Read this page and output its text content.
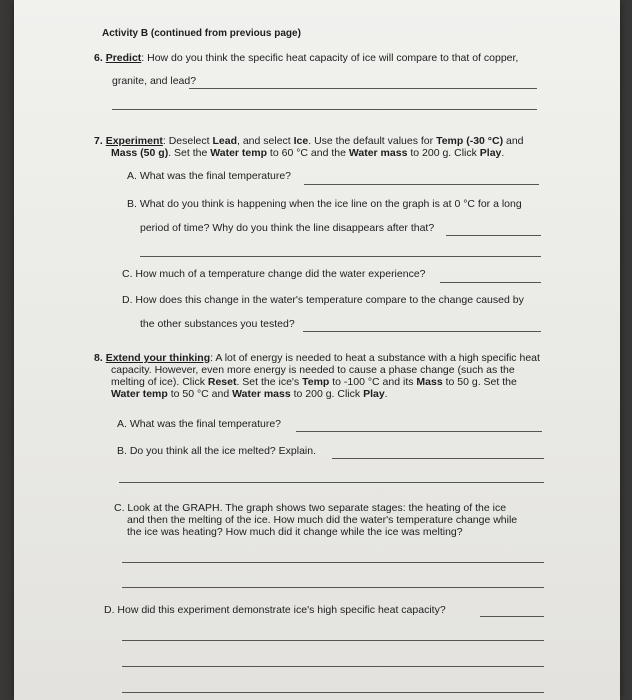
Activity B (continued from previous page)
6. Predict: How do you think the specific heat capacity of ice will compare to that of copper,
granite, and lead?
7. Experiment: Deselect Lead, and select Ice. Use the default values for Temp (-30 °C) and
Mass (50 g). Set the Water temp to 60 °C and the Water mass to 200 g. Click Play.
A. What was the final temperature?
B. What do you think is happening when the ice line on the graph is at 0 °C for a long
period of time? Why do you think the line disappears after that?
C. How much of a temperature change did the water experience?
D. How does this change in the water's temperature compare to the change caused by
the other substances you tested?
8. Extend your thinking: A lot of energy is needed to heat a substance with a high specific heat
capacity. However, even more energy is needed to cause a phase change (such as the
melting of ice). Click Reset. Set the ice's Temp to -100 °C and its Mass to 50 g. Set the
Water temp to 50 °C and Water mass to 200 g. Click Play.
A. What was the final temperature?
B. Do you think all the ice melted? Explain.
C. Look at the GRAPH. The graph shows two separate stages: the heating of the ice
and then the melting of the ice. How much did the water's temperature change while
the ice was heating? How much did it change while the ice was melting?
D. How did this experiment demonstrate ice's high specific heat capacity?
